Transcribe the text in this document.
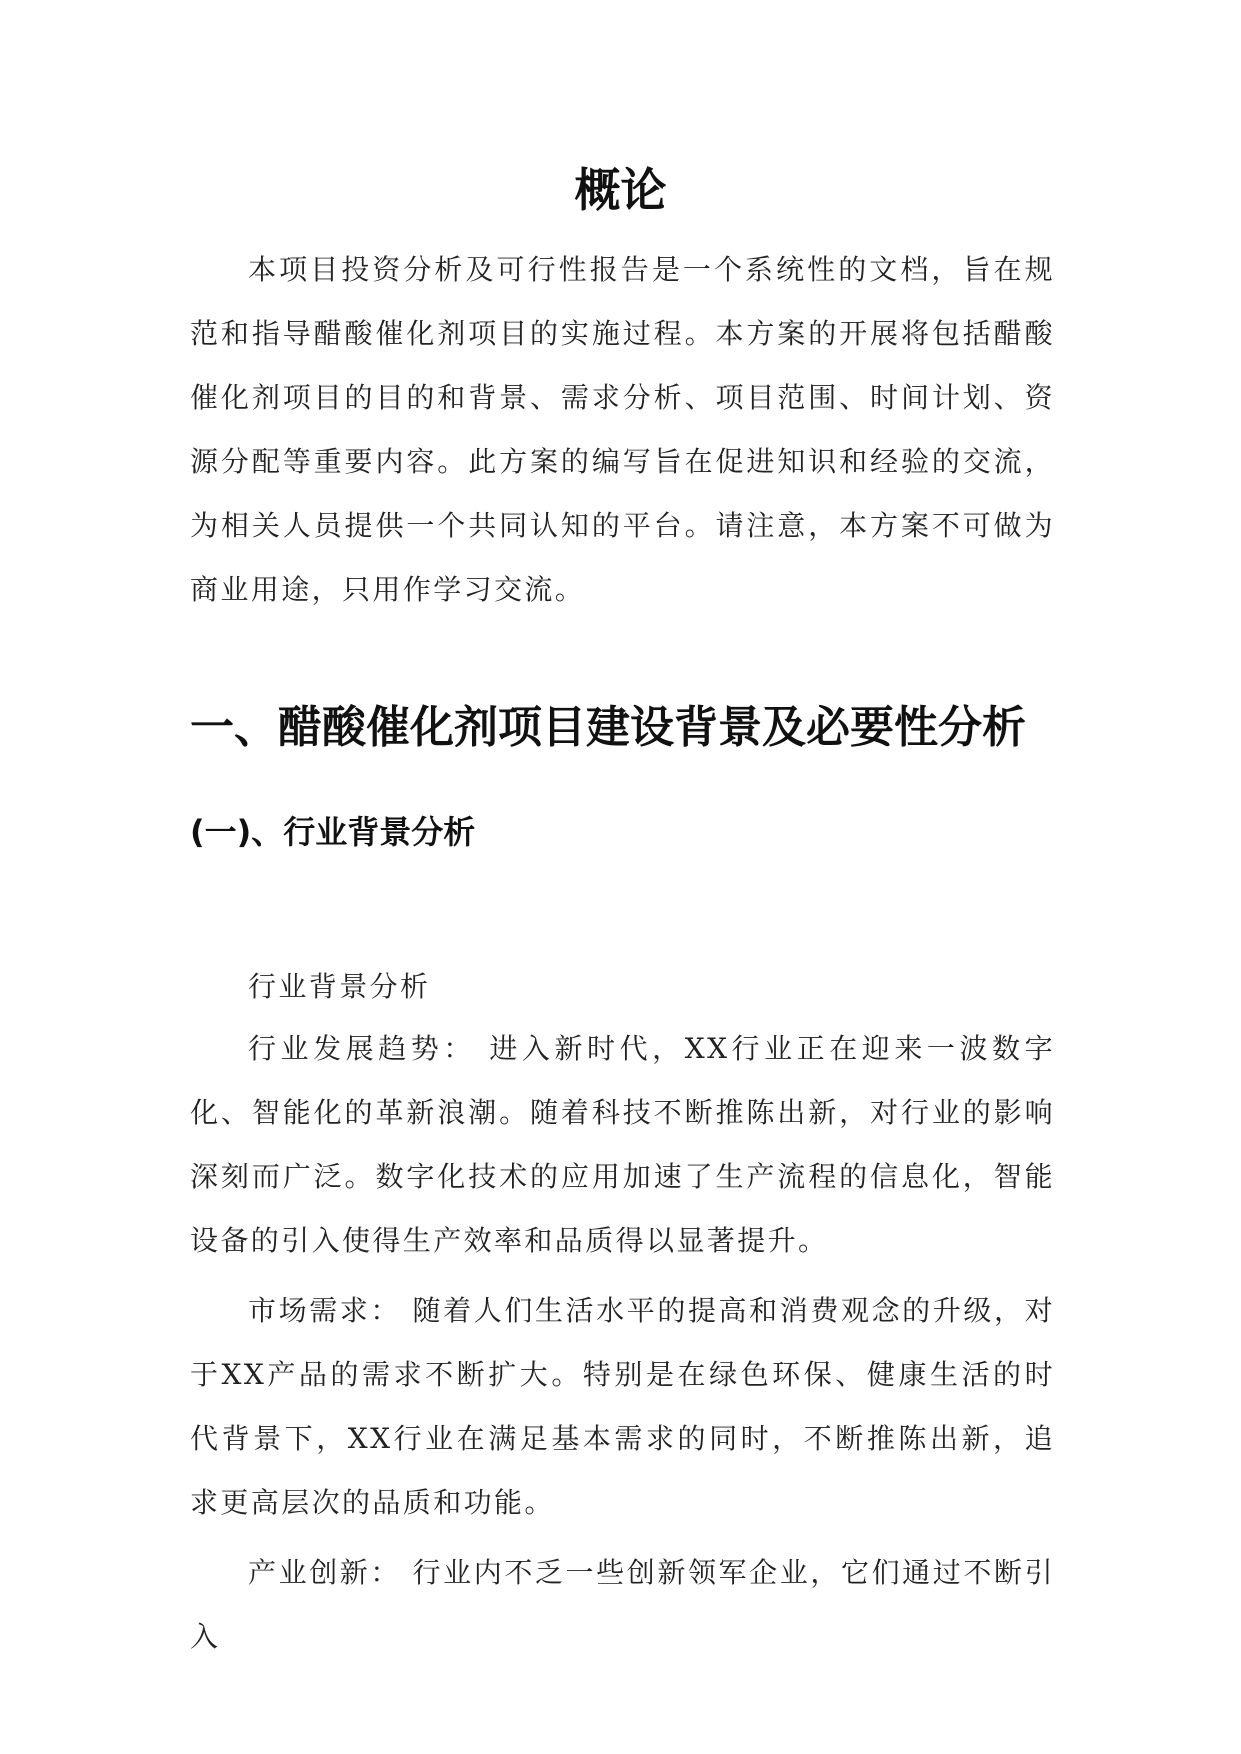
概论

本项目投资分析及可行性报告是一个系统性的文档，旨在规范和指导醋酸催化剂项目的实施过程。本方案的开展将包括醋酸催化剂项目的目的和背景、需求分析、项目范围、时间计划、资源分配等重要内容。此方案的编写旨在促进知识和经验的交流，为相关人员提供一个共同认知的平台。请注意，本方案不可做为商业用途，只用作学习交流。

一、醋酸催化剂项目建设背景及必要性分析
(一)、行业背景分析

行业背景分析

行业发展趋势： 进入新时代，XX行业正在迎来一波数字化、智能化的革新浪潮。随着科技不断推陈出新，对行业的影响深刻而广泛。数字化技术的应用加速了生产流程的信息化，智能设备的引入使得生产效率和品质得以显著提升。

市场需求： 随着人们生活水平的提高和消费观念的升级，对于XX产品的需求不断扩大。特别是在绿色环保、健康生活的时代背景下，XX行业在满足基本需求的同时，不断推陈出新，追求更高层次的品质和功能。

产业创新： 行业内不乏一些创新领军企业，它们通过不断引入
